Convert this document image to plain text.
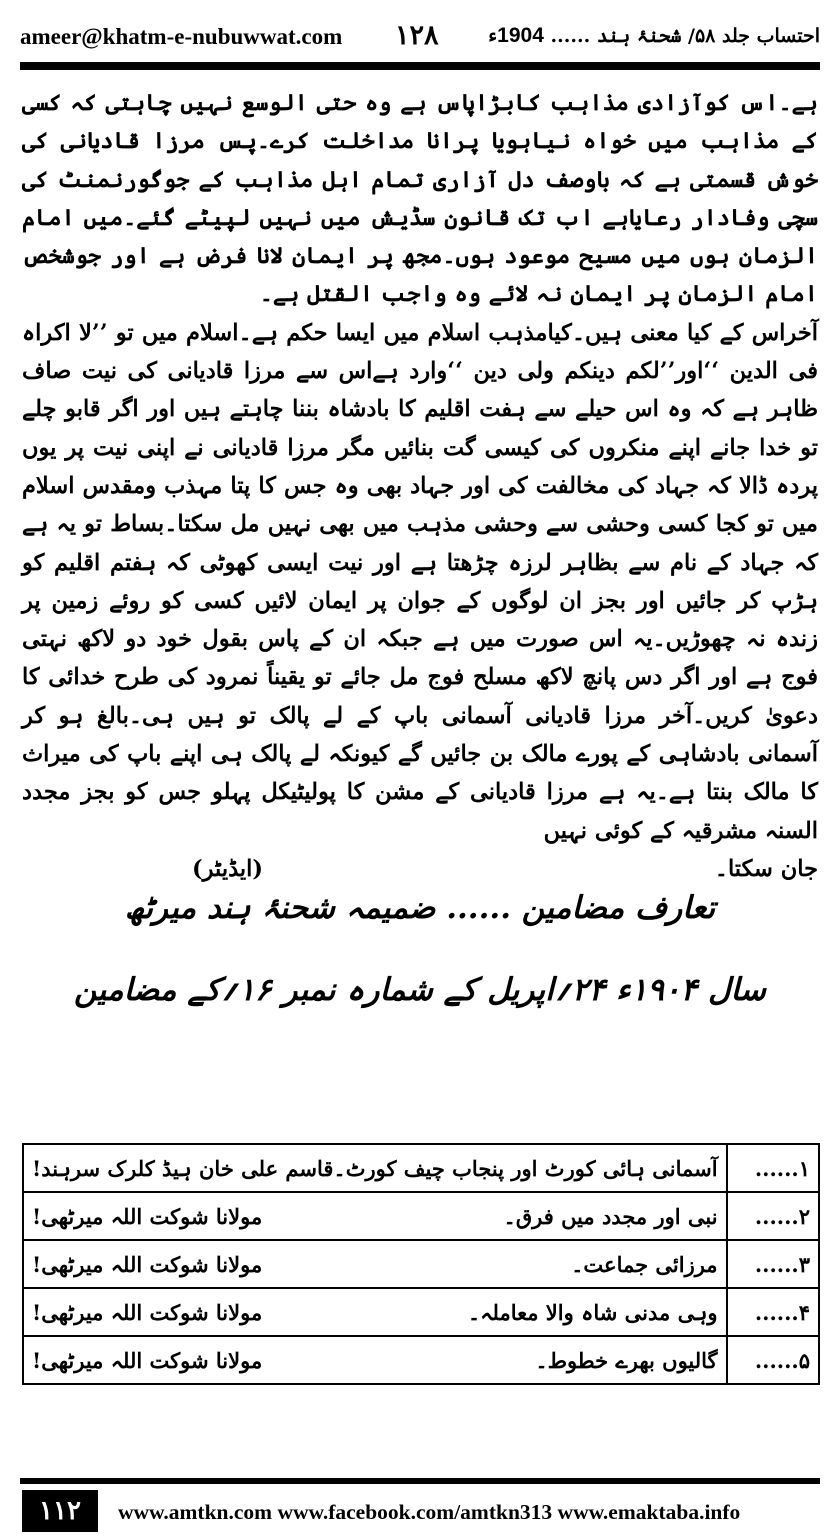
ameer@khatm-e-nubuwwat.com ۱۲۸	احتساب جلد ۵۸/ شحنۂ ہند ...... 1904ء

ہے۔اس کوآزادی مذاہب کابڑاپاس ہے وہ حتی الوسع نہیں چاہتی کہ کسی کے مذاہب میں خواہ نیاہویا پرانا مداخلت کرے۔پس مرزا قادیانی کی خوش قسمتی ہے کہ باوصف دل آزاری تمام اہل مذاہب کے جوگورنمنٹ کی سچی وفادار رعایاہے اب تک قانون سڈیش میں نہیں لپیٹے گئے۔میں امام الزمان ہوں میں مسیح موعود ہوں۔مجھ پر ایمان لانا فرض ہے اور جوشخص امام الزمان پر ایمان نہ لائے وہ واجب القتل ہے۔

آخراس کے کیا معنی ہیں۔کیامذہب اسلام میں ایسا حکم ہے۔اسلام میں تو ’’لا اکراہ فی الدین ‘‘اور’’لکم دینکم ولی دین ‘‘وارد ہےاس سے مرزا قادیانی کی نیت صاف ظاہر ہے کہ وہ اس حیلے سے ہفت اقلیم کا بادشاہ بننا چاہتے ہیں اور اگر قابو چلے تو خدا جانے اپنے منکروں کی کیسی گت بنائیں مگر مرزا قادیانی نے اپنی نیت پر یوں پردہ ڈالا کہ جہاد کی مخالفت کی اور جہاد بھی وہ جس کا پتا مہذب ومقدس اسلام میں تو کجا کسی وحشی سے وحشی مذہب میں بھی نہیں مل سکتا۔بساط تو یہ ہے کہ جہاد کے نام سے بظاہر لرزہ چڑھتا ہے اور نیت ایسی کھوٹی کہ ہفتم اقلیم کو ہڑپ کر جائیں اور بجز ان لوگوں کے جوان پر ایمان لائیں کسی کو روئے زمین پر زندہ نہ چھوڑیں۔یہ اس صورت میں ہے جبکہ ان کے پاس بقول خود دو لاکھ نہتی فوج ہے اور اگر دس پانچ لاکھ مسلح فوج مل جائے تو یقیناً نمرود کی طرح خدائی کا دعویٰ کریں۔آخر مرزا قادیانی آسمانی باپ کے لے پالک تو ہیں ہی۔بالغ ہو کر آسمانی بادشاہی کے پورے مالک بن جائیں گے کیونکہ لے پالک ہی اپنے باپ کی میراث کا مالک بنتا ہے۔یہ ہے مرزا قادیانی کے مشن کا پولیٹیکل پہلو جس کو بجز مجدد السنہ مشرقیہ کے کوئی نہیں

جان سکتا۔
(ایڈیٹر)
تعارف مضامین ...... ضمیمہ شحنۂ ہند میرٹھ
سال ۱۹۰۴ء ۲۴؍اپریل کے شمارہ نمبر ۱۶؍کے مضامین
۱......	آسمانی ہائی کورٹ اور پنجاب چیف کورٹ۔
قاسم علی خان ہیڈ کلرک سرہند!

۲......	نبی اور مجدد میں فرق۔
مولانا شوکت اللہ میرٹھی!

۳......	مرزائی جماعت۔
مولانا شوکت اللہ میرٹھی!

۴......	وہی مدنی شاہ والا معاملہ۔
مولانا شوکت اللہ میرٹھی!

۵......	گالیوں بھرے خطوط۔
مولانا شوکت اللہ میرٹھی!
۱۱۲	www.amtkn.com www.facebook.com/amtkn313 www.emaktaba.info
